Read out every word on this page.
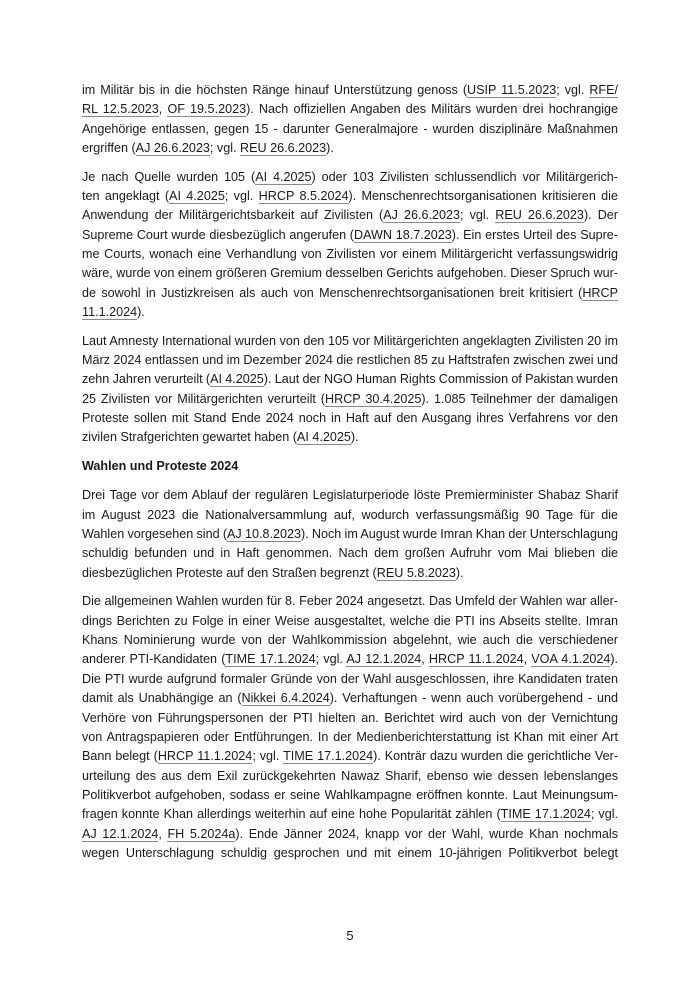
im Militär bis in die höchsten Ränge hinauf Unterstützung genoss (USIP 11.5.2023; vgl. RFE/
RL 12.5.2023, OF 19.5.2023). Nach offiziellen Angaben des Militärs wurden drei hochrangige
Angehörige entlassen, gegen 15 - darunter Generalmajore - wurden disziplinäre Maßnahmen
ergriffen (AJ 26.6.2023; vgl. REU 26.6.2023).
Je nach Quelle wurden 105 (AI 4.2025) oder 103 Zivilisten schlussendlich vor Militärgerich-
ten angeklagt (AI 4.2025; vgl. HRCP 8.5.2024). Menschenrechtsorganisationen kritisieren die
Anwendung der Militärgerichtsbarkeit auf Zivilisten (AJ 26.6.2023; vgl. REU 26.6.2023). Der
Supreme Court wurde diesbezüglich angerufen (DAWN 18.7.2023). Ein erstes Urteil des Supre-
me Courts, wonach eine Verhandlung von Zivilisten vor einem Militärgericht verfassungswidrig
wäre, wurde von einem größeren Gremium desselben Gerichts aufgehoben. Dieser Spruch wur-
de sowohl in Justizkreisen als auch von Menschenrechtsorganisationen breit kritisiert (HRCP
11.1.2024).
Laut Amnesty International wurden von den 105 vor Militärgerichten angeklagten Zivilisten 20 im
März 2024 entlassen und im Dezember 2024 die restlichen 85 zu Haftstrafen zwischen zwei und
zehn Jahren verurteilt (AI 4.2025). Laut der NGO Human Rights Commission of Pakistan wurden
25 Zivilisten vor Militärgerichten verurteilt (HRCP 30.4.2025). 1.085 Teilnehmer der damaligen
Proteste sollen mit Stand Ende 2024 noch in Haft auf den Ausgang ihres Verfahrens vor den
zivilen Strafgerichten gewartet haben (AI 4.2025).
Wahlen und Proteste 2024
Drei Tage vor dem Ablauf der regulären Legislaturperiode löste Premierminister Shabaz Sharif
im August 2023 die Nationalversammlung auf, wodurch verfassungsmäßig 90 Tage für die
Wahlen vorgesehen sind (AJ 10.8.2023). Noch im August wurde Imran Khan der Unterschlagung
schuldig befunden und in Haft genommen. Nach dem großen Aufruhr vom Mai blieben die
diesbezüglichen Proteste auf den Straßen begrenzt (REU 5.8.2023).
Die allgemeinen Wahlen wurden für 8. Feber 2024 angesetzt. Das Umfeld der Wahlen war aller-
dings Berichten zu Folge in einer Weise ausgestaltet, welche die PTI ins Abseits stellte. Imran
Khans Nominierung wurde von der Wahlkommission abgelehnt, wie auch die verschiedener
anderer PTI-Kandidaten (TIME 17.1.2024; vgl. AJ 12.1.2024, HRCP 11.1.2024, VOA 4.1.2024).
Die PTI wurde aufgrund formaler Gründe von der Wahl ausgeschlossen, ihre Kandidaten traten
damit als Unabhängige an (Nikkei 6.4.2024). Verhaftungen - wenn auch vorübergehend - und
Verhöre von Führungspersonen der PTI hielten an. Berichtet wird auch von der Vernichtung
von Antragspapieren oder Entführungen. In der Medienberichterstattung ist Khan mit einer Art
Bann belegt (HRCP 11.1.2024; vgl. TIME 17.1.2024). Konträr dazu wurden die gerichtliche Ver-
urteilung des aus dem Exil zurückgekehrten Nawaz Sharif, ebenso wie dessen lebenslanges
Politikverbot aufgehoben, sodass er seine Wahlkampagne eröffnen konnte. Laut Meinungsum-
fragen konnte Khan allerdings weiterhin auf eine hohe Popularität zählen (TIME 17.1.2024; vgl.
AJ 12.1.2024, FH 5.2024a). Ende Jänner 2024, knapp vor der Wahl, wurde Khan nochmals
wegen Unterschlagung schuldig gesprochen und mit einem 10-jährigen Politikverbot belegt
5
